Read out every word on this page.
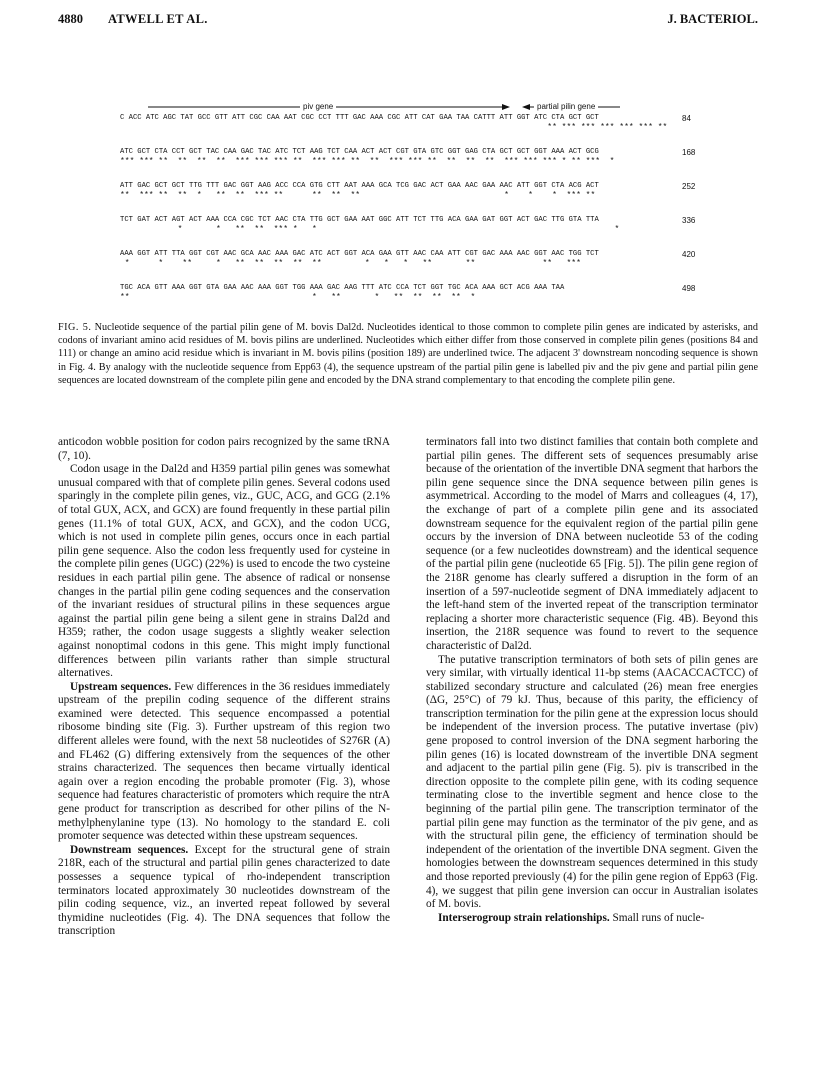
4880 ATWELL ET AL.	J. BACTERIOL.
piv gene	partial pilin gene
C ACC ATC AGC TAT GCC GTT ATT CGC CAA AAT CGC CCT TTT GAC AAA CGC ATT CAT GAA TAA CATTT ATT GGT ATC CTA GCT GCT
** *** *** *** *** *** **
84
ATC GCT CTA CCT GCT TAC CAA GAC TAC ATC TCT AAG TCT CAA ACT ACT CGT GTA GTC GGT GAG CTA GCT GCT GGT AAA ACT GCG
*** *** **  **  **  **  *** *** *** **  *** *** **  **  *** *** **  **  **  **  *** *** *** * ** ***  *
168
ATT GAC GCT GCT TTG TTT GAC GGT AAG ACC CCA GTG CTT AAT AAA GCA TCG GAC ACT GAA AAC GAA AAC ATT GGT CTA ACG ACT
**  *** **  **  *   **  **  *** **      **  **  **                              *    *    *  *** **
252
TCT GAT ACT AGT ACT AAA CCA CGC TCT AAC CTA TTG GCT GAA AAT GGC ATT TCT TTG ACA GAA GAT GGT ACT GAC TTG GTA TTA
*       *   **  **  *** *   *                                                              *
336
AAA GGT ATT TTA GGT CGT AAC GCA AAC AAA GAC ATC ACT GGT ACA GAA GTT AAC CAA ATT CGT GAC AAA AAC GGT AAC TGG TCT
*      *    **     *   **  **  **  **  **         *   *   *   **       **              **   ***
420
TGC ACA GTT AAA GGT GTA GAA AAC AAA GGT TGG AAA GAC AAG TTT ATC CCA TCT GGT TGC ACA AAA GCT ACG AAA TAA
**                                      *   **       *   **  **  **  **  *
498
FIG. 5. Nucleotide sequence of the partial pilin gene of M. bovis Dal2d. Nucleotides identical to those common to complete pilin genes are indicated by asterisks, and codons of invariant amino acid residues of M. bovis pilins are underlined. Nucleotides which either differ from those conserved in complete pilin genes (positions 84 and 111) or change an amino acid residue which is invariant in M. bovis pilins (position 189) are underlined twice. The adjacent 3' downstream noncoding sequence is shown in Fig. 4. By analogy with the nucleotide sequence from Epp63 (4), the sequence upstream of the partial pilin gene is labelled piv and the piv gene and partial pilin gene sequences are located downstream of the complete pilin gene and encoded by the DNA strand complementary to that encoding the complete pilin gene.

anticodon wobble position for codon pairs recognized by the same tRNA (7, 10).

Codon usage in the Dal2d and H359 partial pilin genes was somewhat unusual compared with that of complete pilin genes. Several codons used sparingly in the complete pilin genes, viz., GUC, ACG, and GCG (2.1% of total GUX, ACX, and GCX) are found frequently in these partial pilin genes (11.1% of total GUX, ACX, and GCX), and the codon UCG, which is not used in complete pilin genes, occurs once in each partial pilin gene sequence. Also the codon less frequently used for cysteine in the complete pilin genes (UGC) (22%) is used to encode the two cysteine residues in each partial pilin gene. The absence of radical or nonsense changes in the partial pilin gene coding sequences and the conservation of the invariant residues of structural pilins in these sequences argue against the partial pilin gene being a silent gene in strains Dal2d and H359; rather, the codon usage suggests a slightly weaker selection against nonoptimal codons in this gene. This might imply functional differences between pilin variants rather than simple structural alternatives.

Upstream sequences. Few differences in the 36 residues immediately upstream of the prepilin coding sequence of the different strains examined were detected. This sequence encompassed a potential ribosome binding site (Fig. 3). Further upstream of this region two different alleles were found, with the next 58 nucleotides of S276R (A) and FL462 (G) differing extensively from the sequences of the other strains characterized. The sequences then became virtually identical again over a region encoding the probable promoter (Fig. 3), whose sequence had features characteristic of promoters which require the ntrA gene product for transcription as described for other pilins of the N-methylphenylanine type (13). No homology to the standard E. coli promoter sequence was detected within these upstream sequences.

Downstream sequences. Except for the structural gene of strain 218R, each of the structural and partial pilin genes characterized to date possesses a sequence typical of rho-independent transcription terminators located approximately 30 nucleotides downstream of the pilin coding sequence, viz., an inverted repeat followed by several thymidine nucleotides (Fig. 4). The DNA sequences that follow the transcription

terminators fall into two distinct families that contain both complete and partial pilin genes. The different sets of sequences presumably arise because of the orientation of the invertible DNA segment that harbors the pilin gene sequence since the DNA sequence between pilin genes is asymmetrical. According to the model of Marrs and colleagues (4, 17), the exchange of part of a complete pilin gene and its associated downstream sequence for the equivalent region of the partial pilin gene occurs by the inversion of DNA between nucleotide 53 of the coding sequence (or a few nucleotides downstream) and the identical sequence of the partial pilin gene (nucleotide 65 [Fig. 5]). The pilin gene region of the 218R genome has clearly suffered a disruption in the form of an insertion of a 597-nucleotide segment of DNA immediately adjacent to the left-hand stem of the inverted repeat of the transcription terminator replacing a shorter more characteristic sequence (Fig. 4B). Beyond this insertion, the 218R sequence was found to revert to the sequence characteristic of Dal2d.

The putative transcription terminators of both sets of pilin genes are very similar, with virtually identical 11-bp stems (AACACCACTCC) of stabilized secondary structure and calculated (26) mean free energies (ΔG, 25°C) of 79 kJ. Thus, because of this parity, the efficiency of transcription termination for the pilin gene at the expression locus should be independent of the inversion process. The putative invertase (piv) gene proposed to control inversion of the DNA segment harboring the pilin genes (16) is located downstream of the invertible DNA segment and adjacent to the partial pilin gene (Fig. 5). piv is transcribed in the direction opposite to the complete pilin gene, with its coding sequence terminating close to the invertible segment and hence close to the beginning of the partial pilin gene. The transcription terminator of the partial pilin gene may function as the terminator of the piv gene, and as with the structural pilin gene, the efficiency of termination should be independent of the orientation of the invertible DNA segment. Given the homologies between the downstream sequences determined in this study and those reported previously (4) for the pilin gene region of Epp63 (Fig. 4), we suggest that pilin gene inversion can occur in Australian isolates of M. bovis.

Interserogroup strain relationships. Small runs of nucle-
